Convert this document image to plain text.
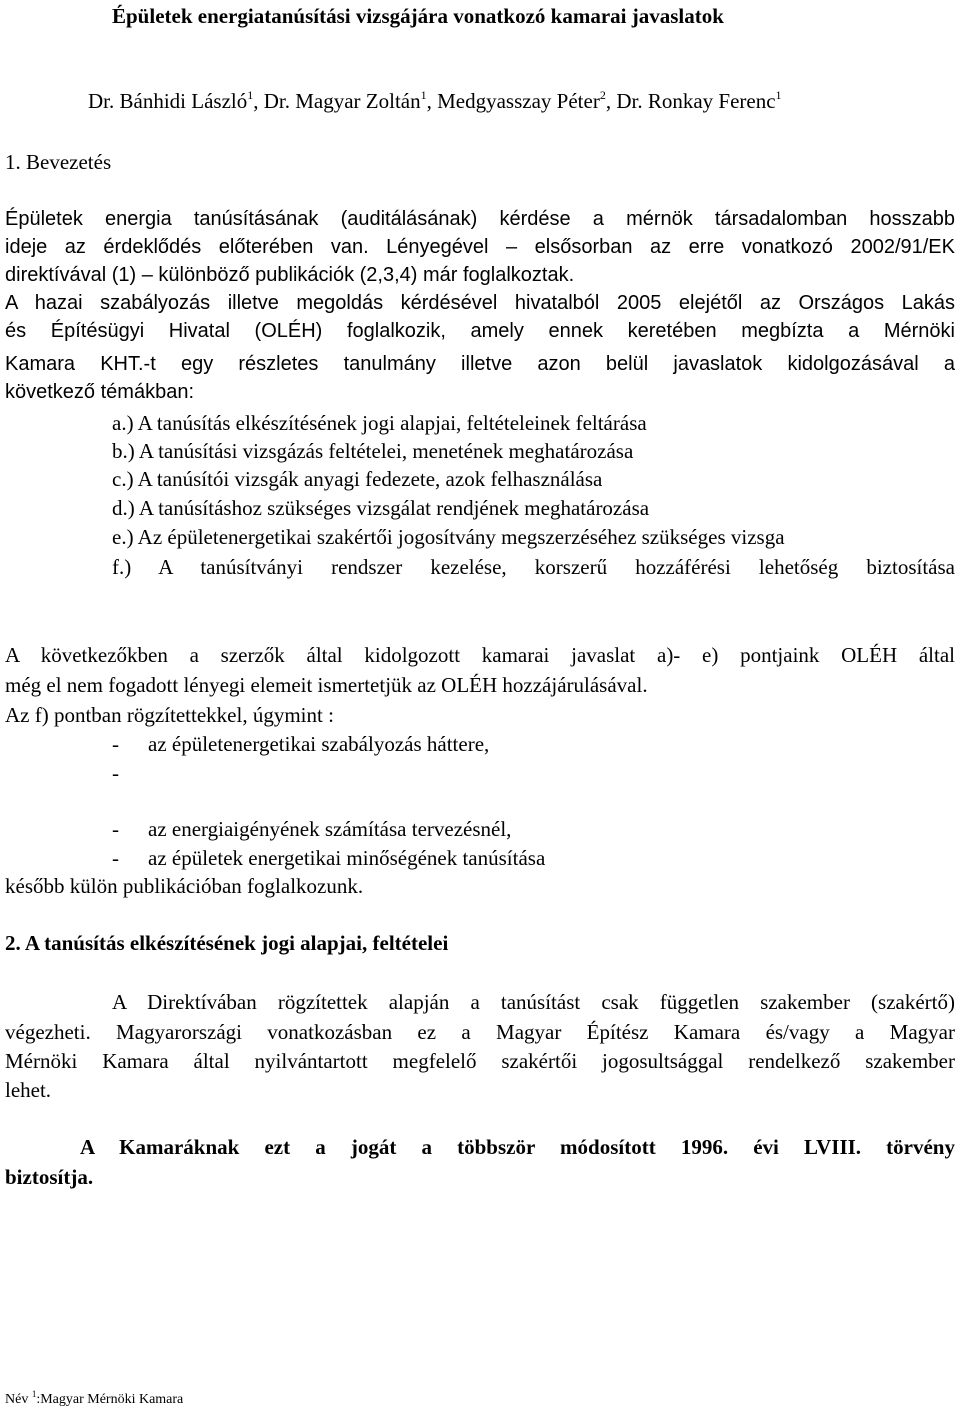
Épületek energiatanúsítási vizsgájára vonatkozó kamarai javaslatok
Dr. Bánhidi László$^1$, Dr. Magyar Zoltán$^1$, Medgyasszay Péter$^2$, Dr. Ronkay Ferenc$^1$
1. Bevezetés
Épületek energia tanúsításának (auditálásának) kérdése a mérnök társadalomban hosszabb
ideje az érdeklődés előterében van. Lényegével – elsősorban az erre vonatkozó 2002/91/EK
direktívával (1) – különböző publikációk (2,3,4) már foglalkoztak.
A hazai szabályozás illetve megoldás kérdésével hivatalból 2005 elejétől az Országos Lakás
és Építésügyi Hivatal (OLÉH) foglalkozik, amely ennek keretében megbízta a Mérnöki
Kamara KHT.-t egy részletes tanulmány illetve azon belül javaslatok kidolgozásával a
következő témákban:
a.) A tanúsítás elkészítésének jogi alapjai, feltételeinek feltárása
b.) A tanúsítási vizsgázás feltételei, menetének meghatározása
c.) A tanúsítói vizsgák anyagi fedezete, azok felhasználása
d.) A tanúsításhoz szükséges vizsgálat rendjének meghatározása
e.) Az épületenergetikai szakértői jogosítvány megszerzéséhez szükséges vizsga
f.) A tanúsítványi rendszer kezelése, korszerű hozzáférési lehetőség biztosítása
A következőkben a szerzők által kidolgozott kamarai javaslat a)- e) pontjaink OLÉH által
még el nem fogadott lényegi elemeit ismertetjük az OLÉH hozzájárulásával.
Az f) pontban rögzítettekkel, úgymint :
- az épületenergetikai szabályozás háttere,
-
- az energiaigényének számítása tervezésnél,
- az épületek energetikai minőségének tanúsítása
később külön publikációban foglalkozunk.
2. A tanúsítás elkészítésének jogi alapjai, feltételei
A Direktívában rögzítettek alapján a tanúsítást csak független szakember (szakértő)
végezheti. Magyarországi vonatkozásban ez a Magyar Építész Kamara és/vagy a Magyar
Mérnöki Kamara által nyilvántartott megfelelő szakértői jogosultsággal rendelkező szakember
lehet.
A Kamaráknak ezt a jogát a többször módosított 1996. évi LVIII. törvény
biztosítja.
Név $^1$:Magyar Mérnöki Kamara
